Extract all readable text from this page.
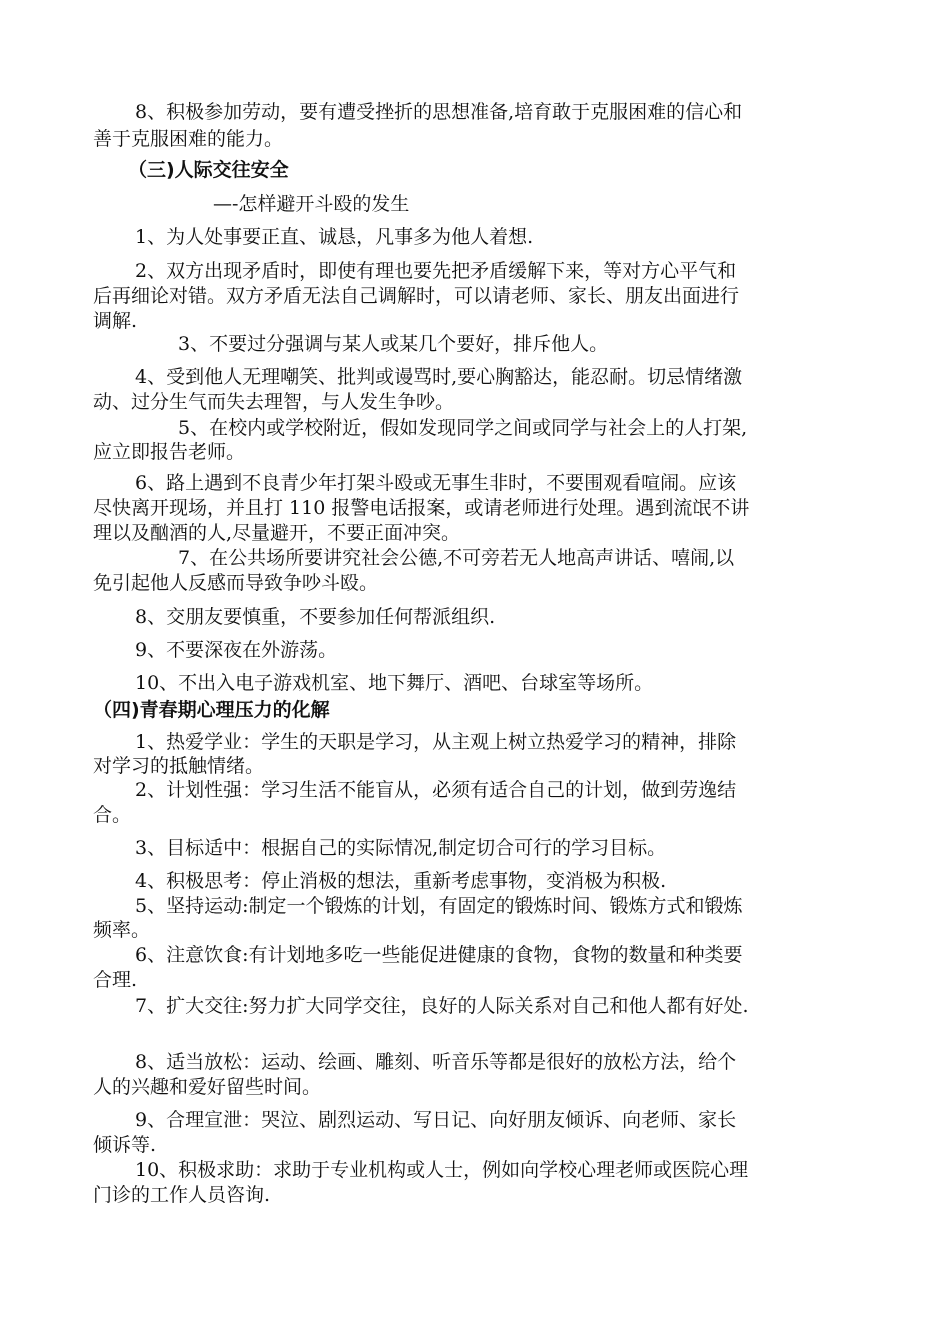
8、积极参加劳动，要有遭受挫折的思想准备,培育敢于克服困难的信心和
善于克服困难的能力。
（三)人际交往安全
—-怎样避开斗殴的发生
1、为人处事要正直、诚恳，凡事多为他人着想.
2、双方出现矛盾时，即使有理也要先把矛盾缓解下来，等对方心平气和
后再细论对错。双方矛盾无法自己调解时，可以请老师、家长、朋友出面进行
调解.
3、不要过分强调与某人或某几个要好，排斥他人。
4、受到他人无理嘲笑、批判或谩骂时,要心胸豁达，能忍耐。切忌情绪激
动、过分生气而失去理智，与人发生争吵。
5、在校内或学校附近，假如发现同学之间或同学与社会上的人打架,
应立即报告老师。
6、路上遇到不良青少年打架斗殴或无事生非时，不要围观看喧闹。应该
尽快离开现场，并且打 110 报警电话报案，或请老师进行处理。遇到流氓不讲
理以及酗酒的人,尽量避开，不要正面冲突。
7、在公共场所要讲究社会公德,不可旁若无人地高声讲话、嘻闹,以
免引起他人反感而导致争吵斗殴。
8、交朋友要慎重，不要参加任何帮派组织.
9、不要深夜在外游荡。
10、不出入电子游戏机室、地下舞厅、酒吧、台球室等场所。
（四)青春期心理压力的化解
1、热爱学业：学生的天职是学习，从主观上树立热爱学习的精神，排除
对学习的抵触情绪。
2、计划性强：学习生活不能盲从，必须有适合自己的计划，做到劳逸结
合。
3、目标适中：根据自己的实际情况,制定切合可行的学习目标。
4、积极思考：停止消极的想法，重新考虑事物，变消极为积极.
5、坚持运动:制定一个锻炼的计划，有固定的锻炼时间、锻炼方式和锻炼
频率。
6、注意饮食:有计划地多吃一些能促进健康的食物，食物的数量和种类要
合理.
7、扩大交往:努力扩大同学交往，良好的人际关系对自己和他人都有好处.
8、适当放松：运动、绘画、雕刻、听音乐等都是很好的放松方法，给个
人的兴趣和爱好留些时间。
9、合理宣泄：哭泣、剧烈运动、写日记、向好朋友倾诉、向老师、家长
倾诉等.
10、积极求助：求助于专业机构或人士，例如向学校心理老师或医院心理
门诊的工作人员咨询.
